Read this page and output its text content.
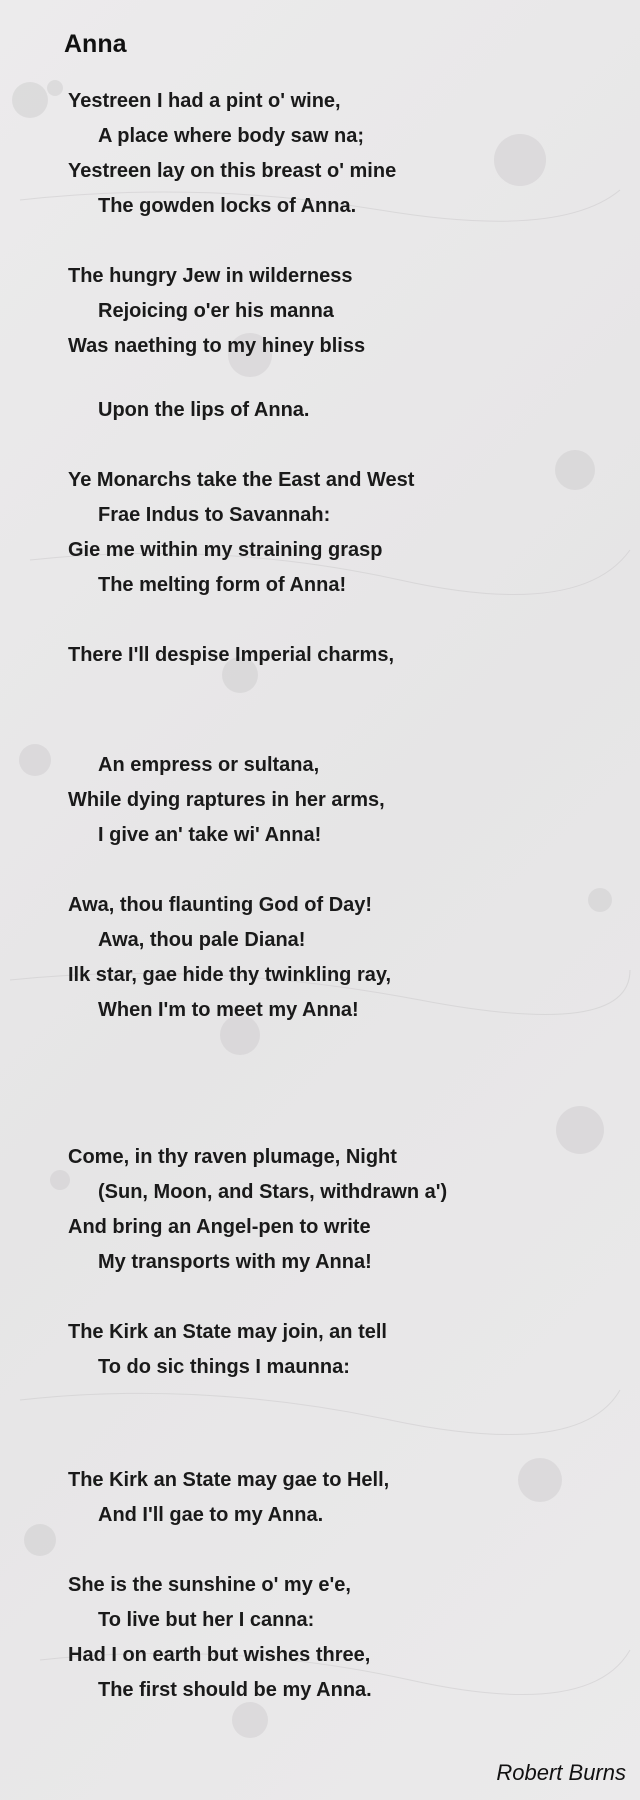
Anna
Yestreen I had a pint o' wine,
A place where body saw na;
Yestreen lay on this breast o' mine
The gowden locks of Anna.
The hungry Jew in wilderness
Rejoicing o'er his manna
Was naething to my hiney bliss
Upon the lips of Anna.
Ye Monarchs take the East and West
Frae Indus to Savannah:
Gie me within my straining grasp
The melting form of Anna!
There I'll despise Imperial charms,
An empress or sultana,
While dying raptures in her arms,
I give an' take wi' Anna!
Awa, thou flaunting God of Day!
Awa, thou pale Diana!
Ilk star, gae hide thy twinkling ray,
When I'm to meet my Anna!
Come, in thy raven plumage, Night
(Sun, Moon, and Stars, withdrawn a')
And bring an Angel-pen to write
My transports with my Anna!
The Kirk an State may join, an tell
To do sic things I maunna:
The Kirk an State may gae to Hell,
And I'll gae to my Anna.
She is the sunshine o' my e'e,
To live but her I canna:
Had I on earth but wishes three,
The first should be my Anna.
Robert Burns
